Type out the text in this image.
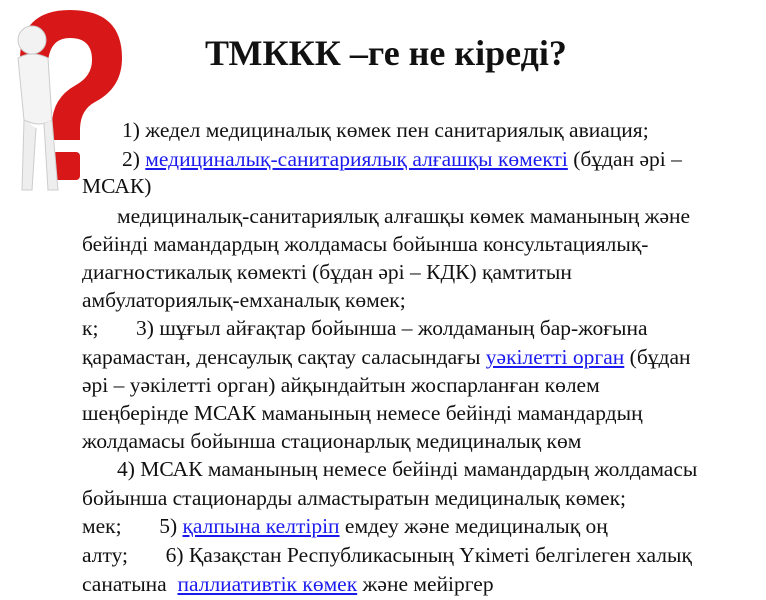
ТМККК –ге не кіреді?
1) жедел медициналық көмек пен санитариялық авиация;
2) медициналық-санитариялық алғашқы көмекті (бұдан әрі –
МСАК)
медициналық-санитариялық алғашқы көмек маманының және
бейінді мамандардың жолдамасы бойынша консультациялық-
диагностикалық көмекті (бұдан әрі – КДК) қамтитын
амбулаториялық-емханалық көмек;
к;       3) шұғыл айғақтар бойынша – жолдаманың бар-жоғына
қарамастан, денсаулық сақтау саласындағы уәкілетті орган (бұдан
әрі – уәкілетті орган) айқындайтын жоспарланған көлем
шеңберінде МСАК маманының немесе бейінді мамандардың
жолдамасы бойынша стационарлық медициналық көм
4) МСАК маманының немесе бейінді мамандардың жолдамасы
бойынша стационарды алмастыратын медициналық көмек;
мек;       5) қалпына келтіріп емдеу және медициналық оң
алту;       6) Қазақстан Республикасының Үкіметі белгілеген халық
санатына  паллиативтік көмек және мейіргер
